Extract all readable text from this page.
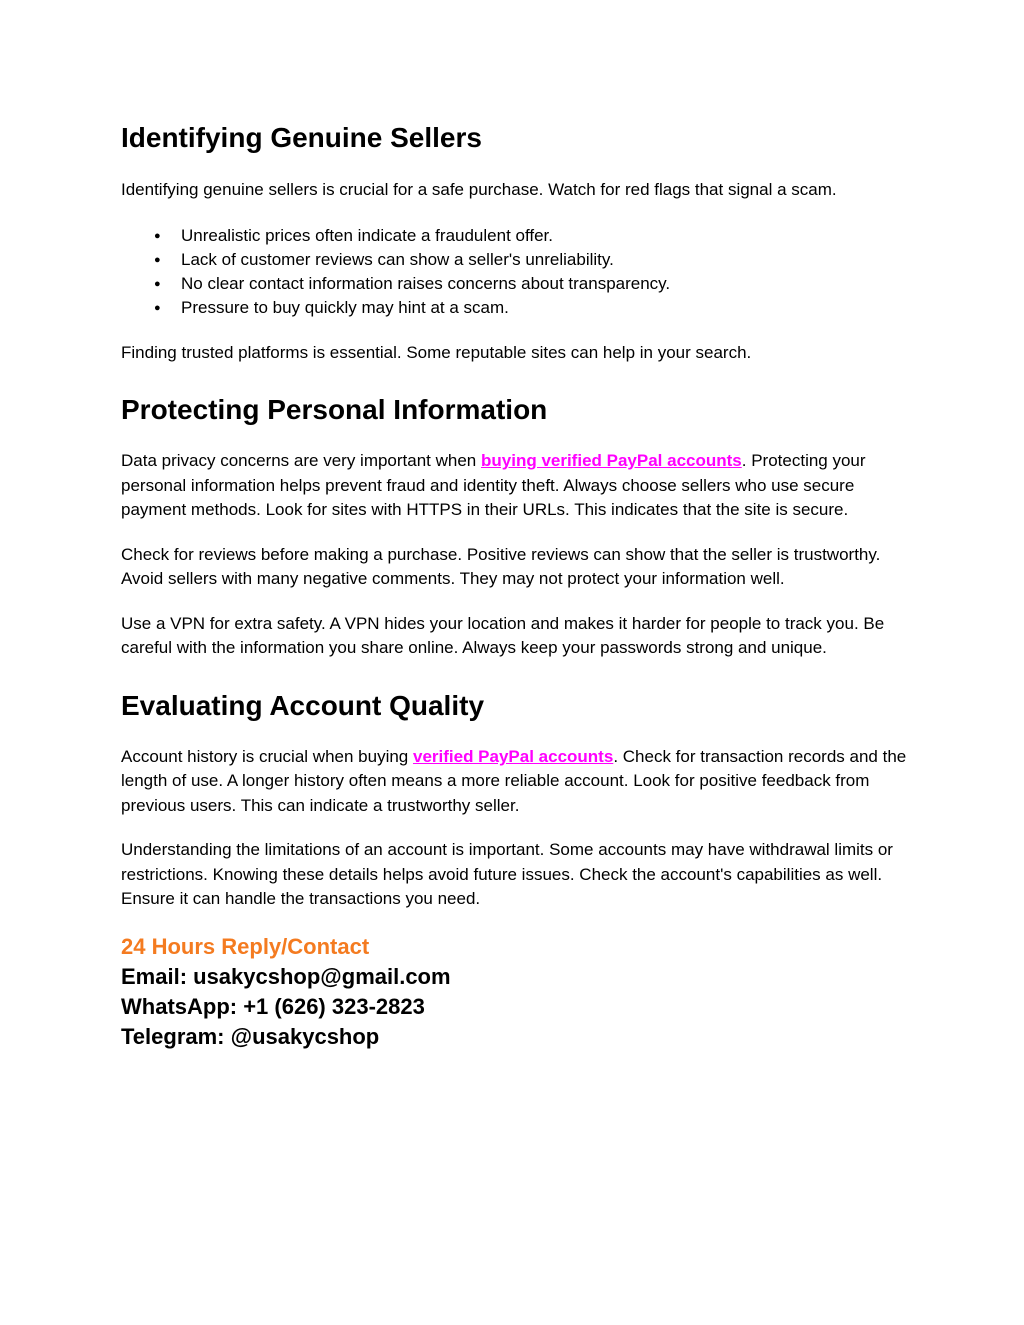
Identifying Genuine Sellers

Identifying genuine sellers is crucial for a safe purchase. Watch for red flags that signal a scam.

● Unrealistic prices often indicate a fraudulent offer.
● Lack of customer reviews can show a seller's unreliability.
● No clear contact information raises concerns about transparency.
● Pressure to buy quickly may hint at a scam.

Finding trusted platforms is essential. Some reputable sites can help in your search.

Protecting Personal Information

Data privacy concerns are very important when buying verified PayPal accounts. Protecting your personal information helps prevent fraud and identity theft. Always choose sellers who use secure payment methods. Look for sites with HTTPS in their URLs. This indicates that the site is secure.

Check for reviews before making a purchase. Positive reviews can show that the seller is trustworthy. Avoid sellers with many negative comments. They may not protect your information well.

Use a VPN for extra safety. A VPN hides your location and makes it harder for people to track you. Be careful with the information you share online. Always keep your passwords strong and unique.

Evaluating Account Quality

Account history is crucial when buying verified PayPal accounts. Check for transaction records and the length of use. A longer history often means a more reliable account. Look for positive feedback from previous users. This can indicate a trustworthy seller.

Understanding the limitations of an account is important. Some accounts may have withdrawal limits or restrictions. Knowing these details helps avoid future issues. Check the account's capabilities as well. Ensure it can handle the transactions you need.

24 Hours Reply/Contact

Email: usakycshop@gmail.com

WhatsApp: +1 (626) 323-2823

Telegram: @usakycshop
